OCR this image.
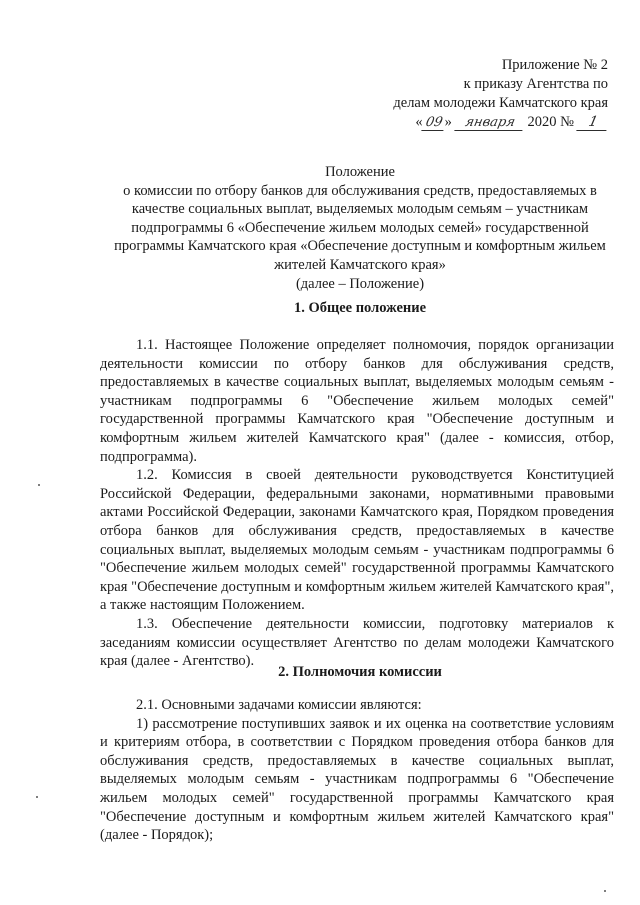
Приложение № 2
к приказу Агентства по
делам молодежи Камчатского края
«09» января 2020 № 1
Положение
о комиссии по отбору банков для обслуживания средств, предоставляемых в качестве социальных выплат, выделяемых молодым семьям – участникам подпрограммы 6 «Обеспечение жильем молодых семей» государственной программы Камчатского края «Обеспечение доступным и комфортным жильем жителей Камчатского края»
(далее – Положение)
1. Общее положение

1.1. Настоящее Положение определяет полномочия, порядок организации деятельности комиссии по отбору банков для обслуживания средств, предоставляемых в качестве социальных выплат, выделяемых молодым семьям - участникам подпрограммы 6 "Обеспечение жильем молодых семей" государственной программы Камчатского края "Обеспечение доступным и комфортным жильем жителей Камчатского края" (далее - комиссия, отбор, подпрограмма).

1.2. Комиссия в своей деятельности руководствуется Конституцией Российской Федерации, федеральными законами, нормативными правовыми актами Российской Федерации, законами Камчатского края, Порядком проведения отбора банков для обслуживания средств, предоставляемых в качестве социальных выплат, выделяемых молодым семьям - участникам подпрограммы 6 "Обеспечение жильем молодых семей" государственной программы Камчатского края "Обеспечение доступным и комфортным жильем жителей Камчатского края", а также настоящим Положением.

1.3. Обеспечение деятельности комиссии, подготовку материалов к заседаниям комиссии осуществляет Агентство по делам молодежи Камчатского края (далее - Агентство).

2. Полномочия комиссии

2.1. Основными задачами комиссии являются:

1) рассмотрение поступивших заявок и их оценка на соответствие условиям и критериям отбора, в соответствии с Порядком проведения отбора банков для обслуживания средств, предоставляемых в качестве социальных выплат, выделяемых молодым семьям - участникам подпрограммы 6 "Обеспечение жильем молодых семей" государственной программы Камчатского края "Обеспечение доступным и комфортным жильем жителей Камчатского края" (далее - Порядок);
